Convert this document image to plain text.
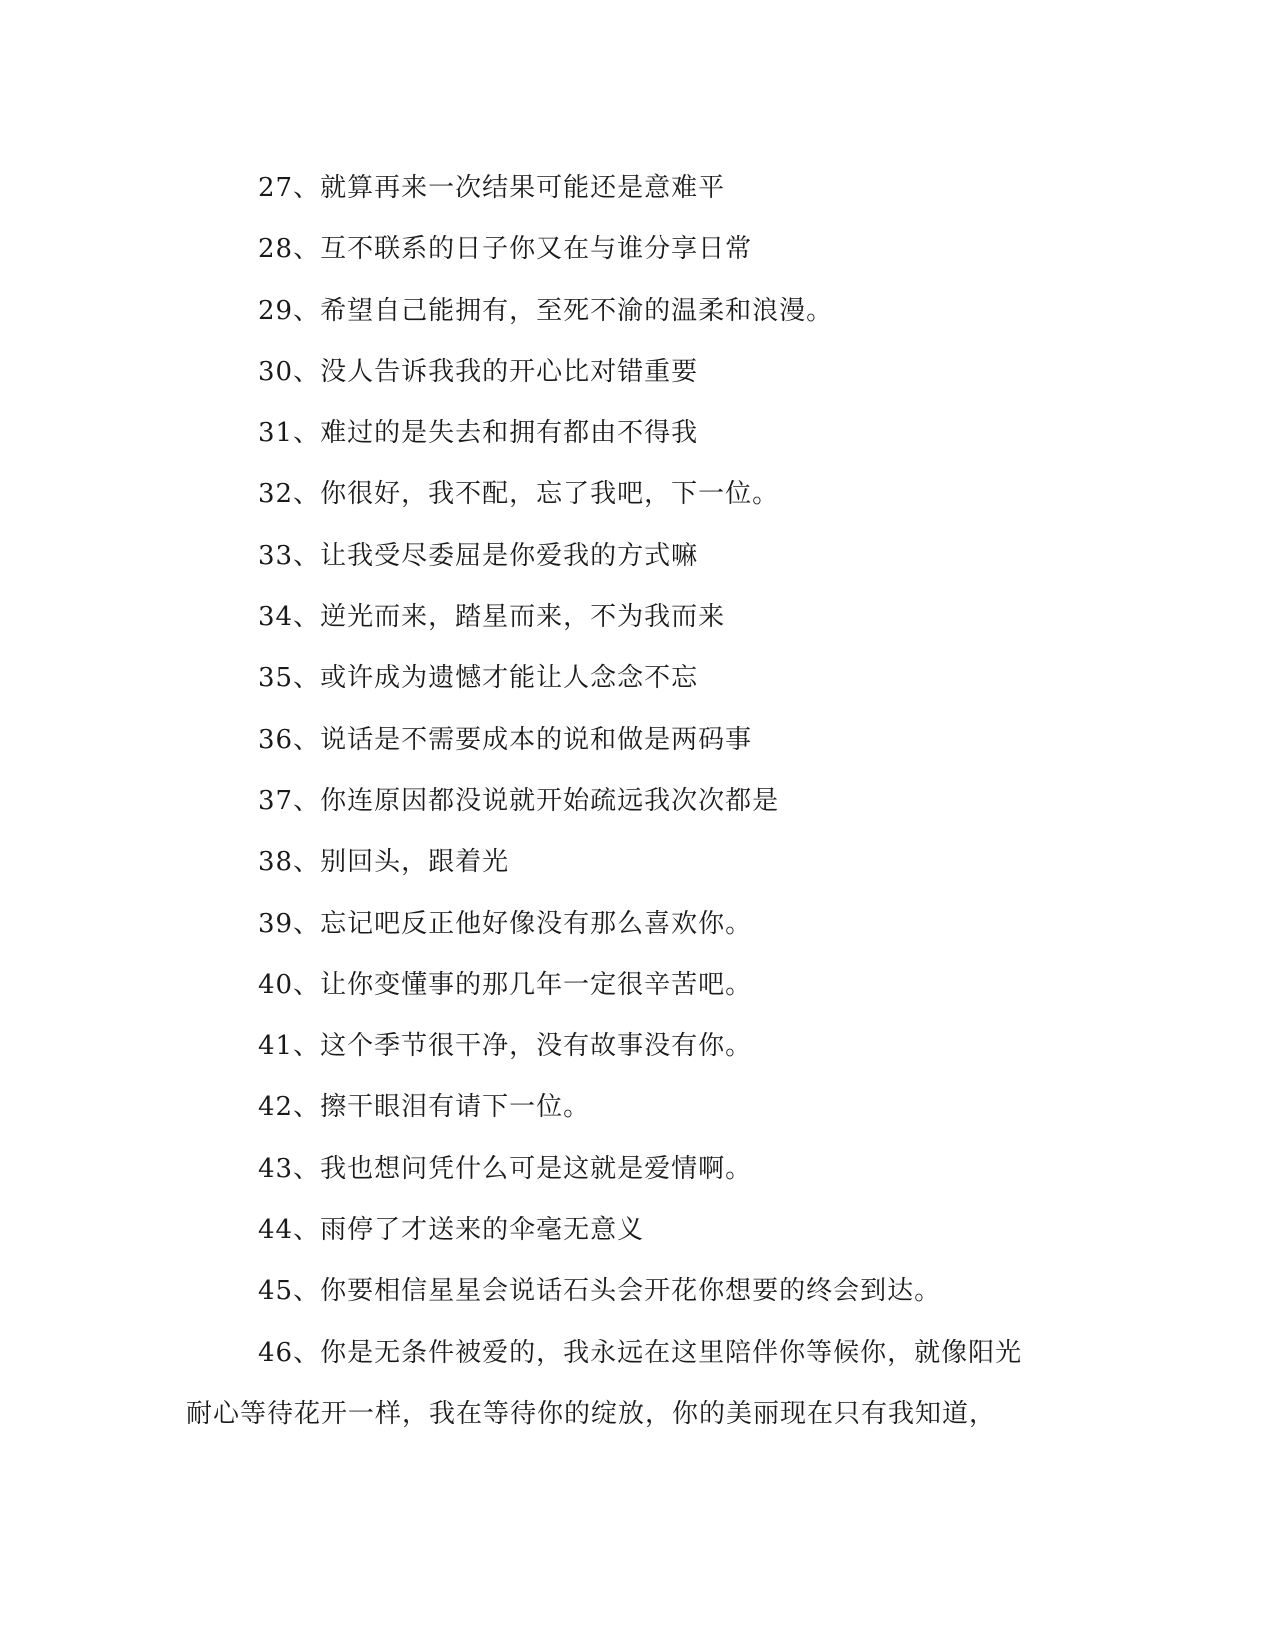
27、就算再来一次结果可能还是意难平
28、互不联系的日子你又在与谁分享日常
29、希望自己能拥有，至死不渝的温柔和浪漫。
30、没人告诉我我的开心比对错重要
31、难过的是失去和拥有都由不得我
32、你很好，我不配，忘了我吧，下一位。
33、让我受尽委屈是你爱我的方式嘛
34、逆光而来，踏星而来，不为我而来
35、或许成为遗憾才能让人念念不忘
36、说话是不需要成本的说和做是两码事
37、你连原因都没说就开始疏远我次次都是
38、别回头，跟着光
39、忘记吧反正他好像没有那么喜欢你。
40、让你变懂事的那几年一定很辛苦吧。
41、这个季节很干净，没有故事没有你。
42、擦干眼泪有请下一位。
43、我也想问凭什么可是这就是爱情啊。
44、雨停了才送来的伞毫无意义
45、你要相信星星会说话石头会开花你想要的终会到达。
46、你是无条件被爱的，我永远在这里陪伴你等候你，就像阳光
耐心等待花开一样，我在等待你的绽放，你的美丽现在只有我知道，
